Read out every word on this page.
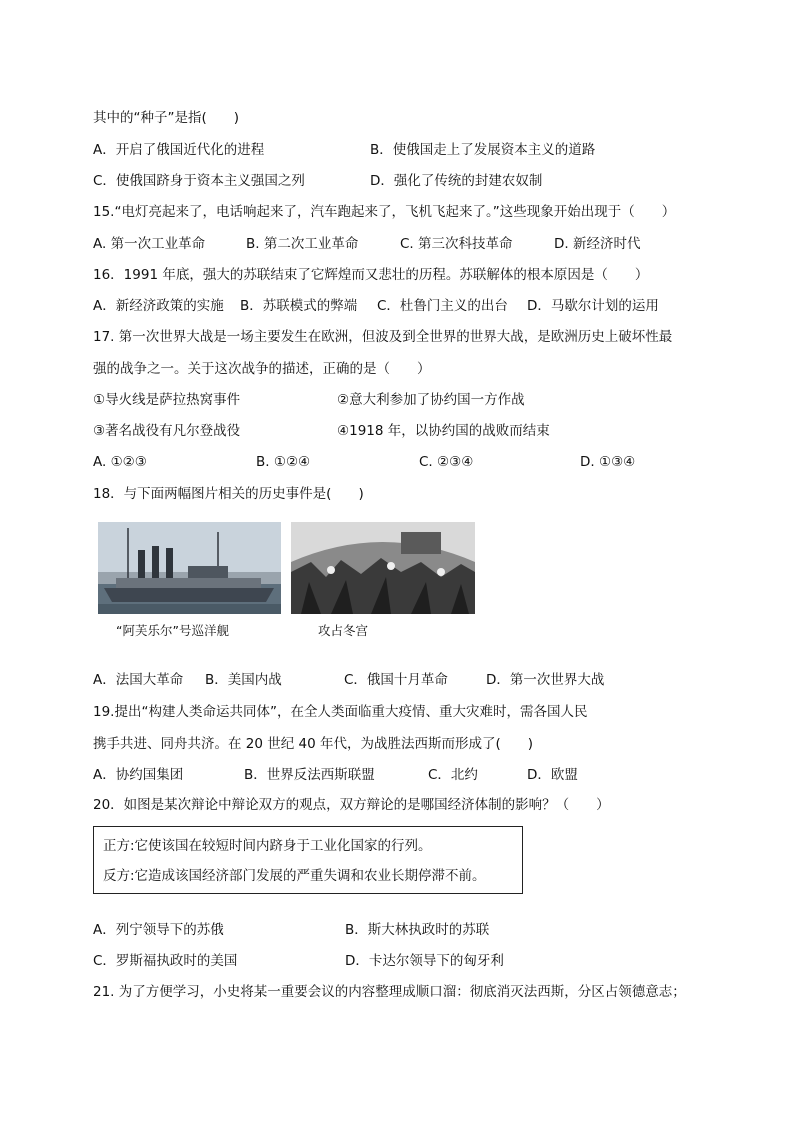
其中的“种子”是指(　　)
A．开启了俄国近代化的进程	B．使俄国走上了发展资本主义的道路
C．使俄国跻身于资本主义强国之列	D．强化了传统的封建农奴制
15.“电灯亮起来了，电话响起来了，汽车跑起来了，飞机飞起来了。”这些现象开始出现于（　　）
A. 第一次工业革命	B. 第二次工业革命	C. 第三次科技革命	D. 新经济时代
16．1991 年底，强大的苏联结束了它辉煌而又悲壮的历程。苏联解体的根本原因是（　　）
A．新经济政策的实施 B．苏联模式的弊端 C．杜鲁门主义的出台 D．马歇尔计划的运用
17. 第一次世界大战是一场主要发生在欧洲，但波及到全世界的世界大战，是欧洲历史上破坏性最
强的战争之一。关于这次战争的描述，正确的是（　　）
①导火线是萨拉热窝事件	②意大利参加了协约国一方作战
③著名战役有凡尔登战役	④1918 年，以协约国的战败而结束
A. ①②③	B. ①②④	C. ②③④	D. ①③④
18．与下面两幅图片相关的历史事件是(　　)
“阿芙乐尔”号巡洋舰	攻占冬宫
A．法国大革命 B．美国内战	C．俄国十月革命	D．第一次世界大战
19.提出“构建人类命运共同体”，在全人类面临重大疫情、重大灾难时，需各国人民
携手共进、同舟共济。在 20 世纪 40 年代，为战胜法西斯而形成了(　　)
A．协约国集团	B．世界反法西斯联盟	C．北约	D．欧盟
20．如图是某次辩论中辩论双方的观点，双方辩论的是哪国经济体制的影响？（　　）
正方:它使该国在较短时间内跻身于工业化国家的行列。
反方:它造成该国经济部门发展的严重失调和农业长期停滞不前。
A．列宁领导下的苏俄	B．斯大林执政时的苏联
C．罗斯福执政时的美国	D．卡达尔领导下的匈牙利
21. 为了方便学习，小史将某一重要会议的内容整理成顺口溜：彻底消灭法西斯，分区占领德意志；
